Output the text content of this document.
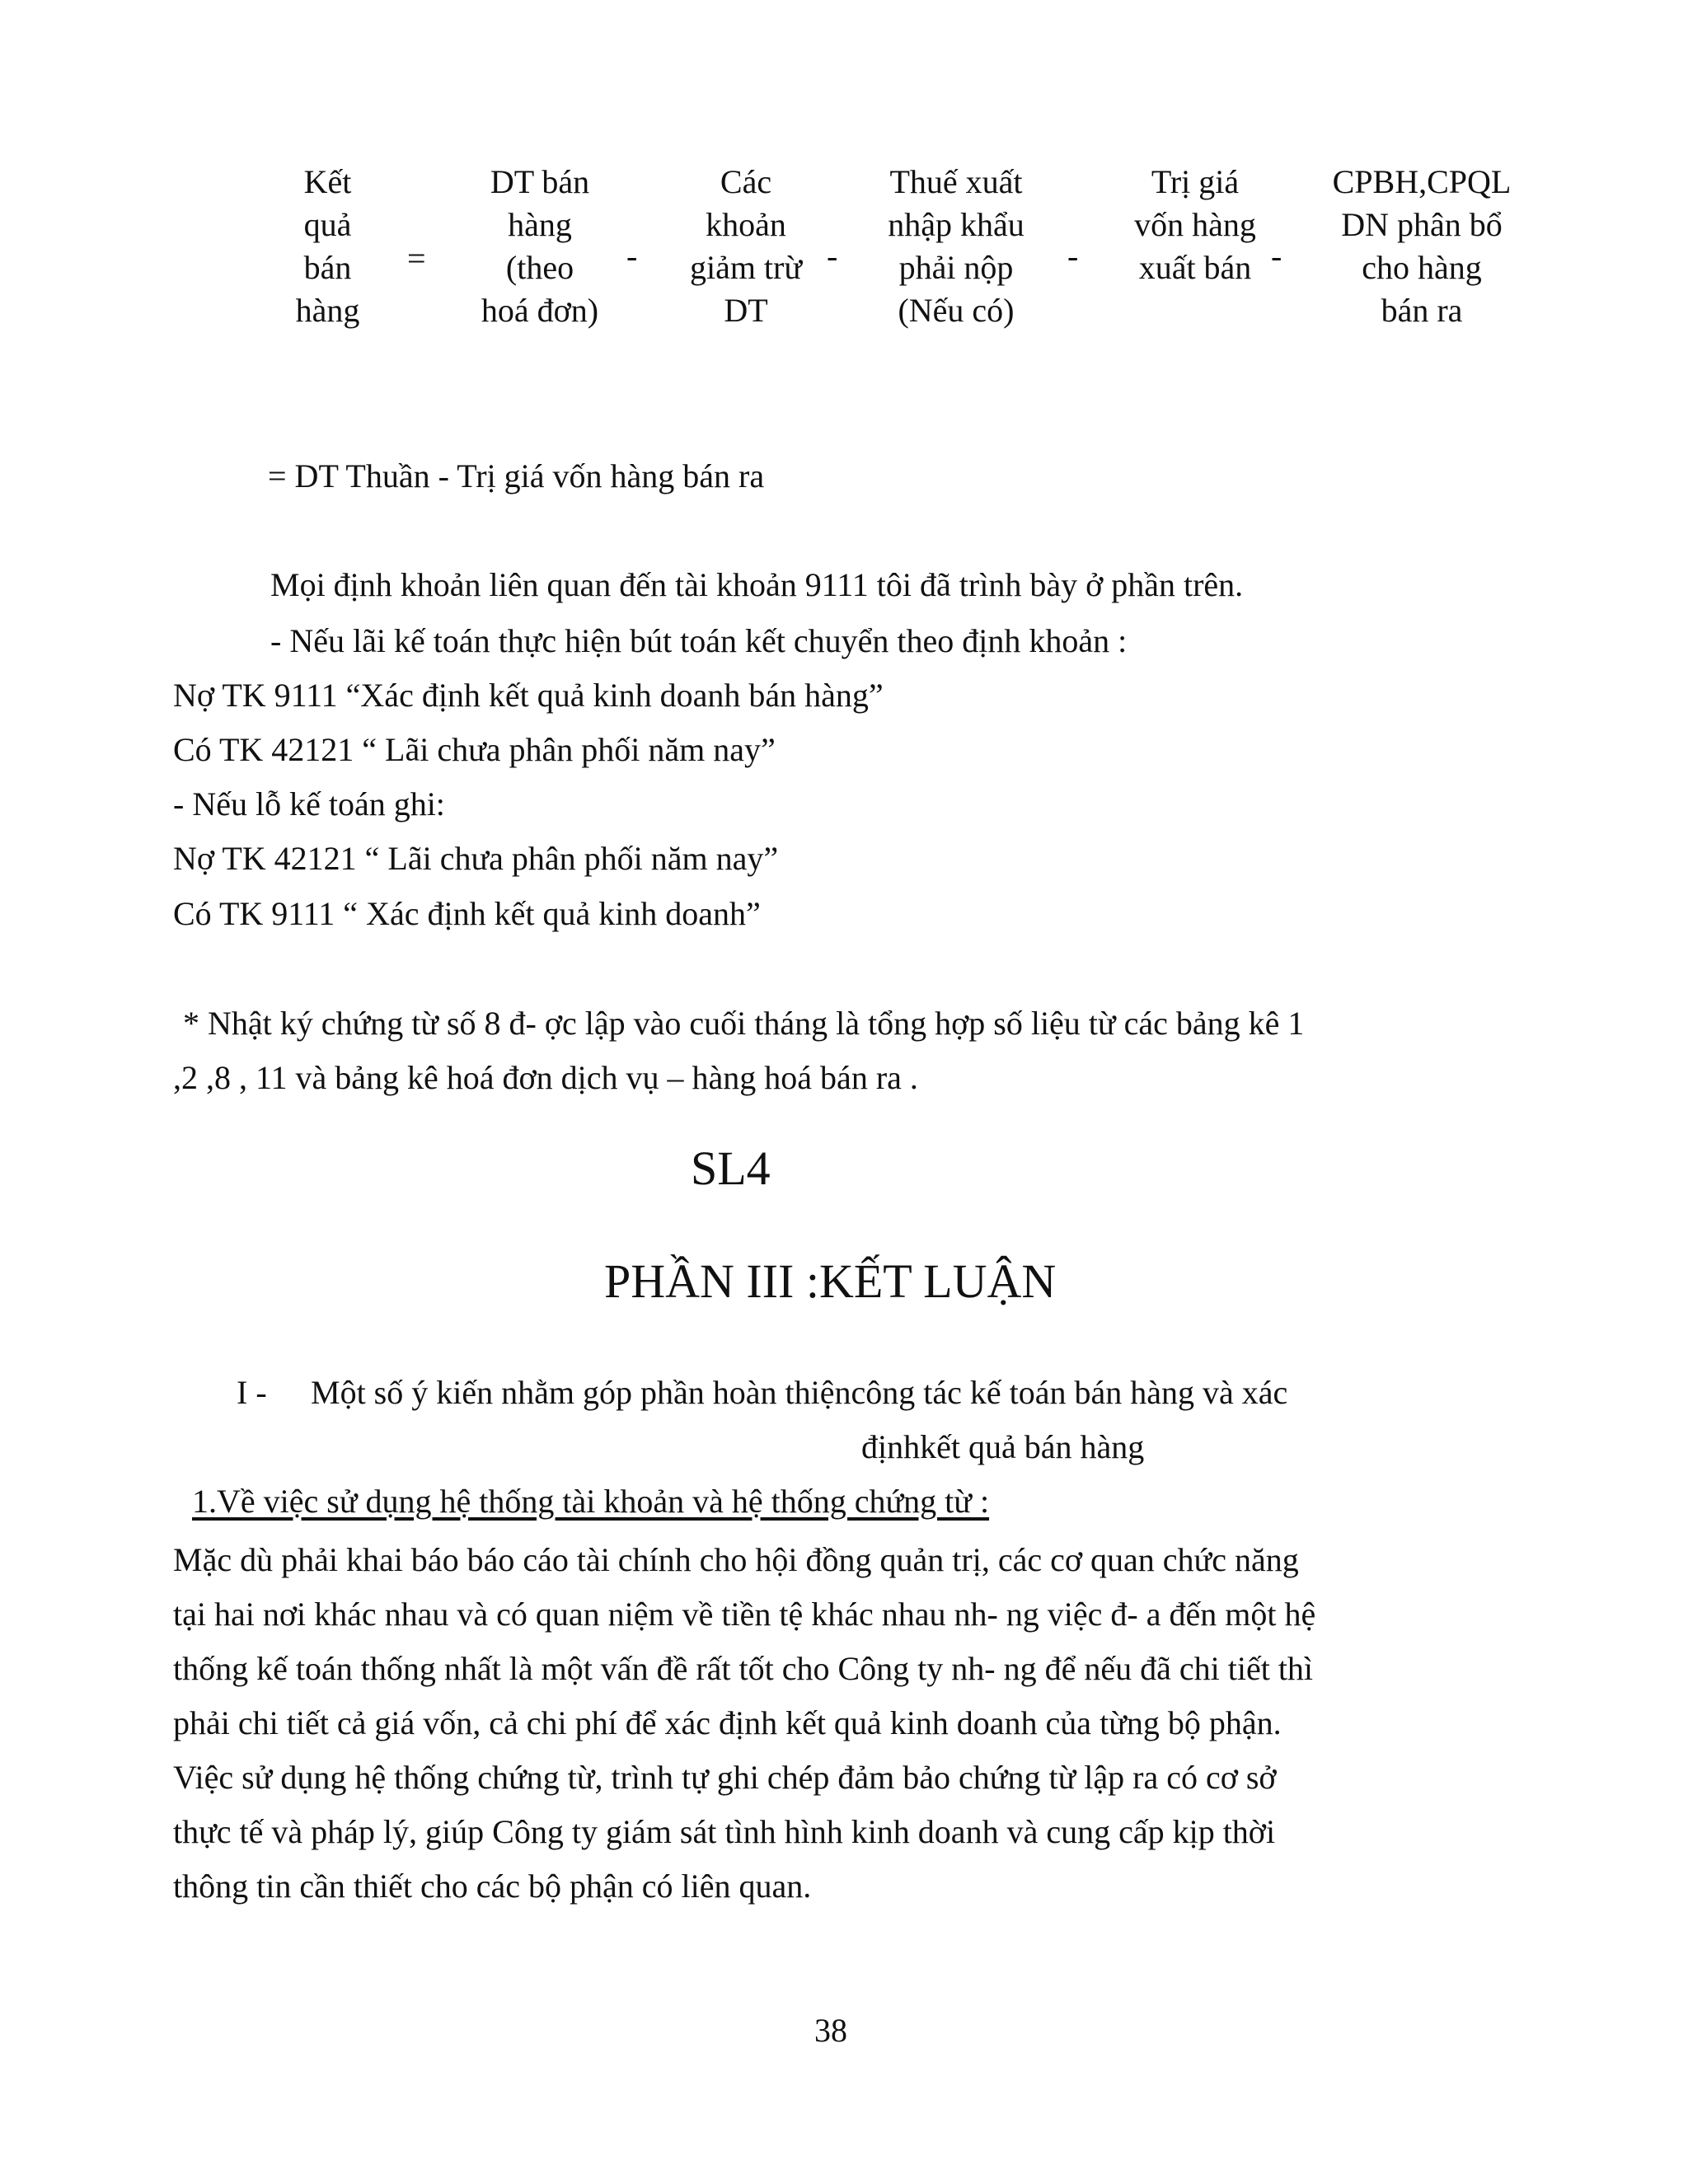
Kết
quả
bán
hàng
=
DT bán
hàng
(theo
hoá đơn)
-
Các
khoản
giảm trừ
DT
-
Thuế xuất
nhập khẩu
phải nộp
(Nếu có)
-
Trị giá
vốn hàng
xuất bán -
CPBH,CPQL
DN phân bổ
cho hàng
bán ra
= DT Thuần - Trị giá vốn hàng bán ra
Mọi định khoản liên quan đến tài khoản 9111 tôi đã trình bày ở phần trên.
- Nếu lãi kế toán thực hiện bút toán kết chuyển theo định khoản :
Nợ TK 9111 “Xác định kết quả kinh doanh bán hàng”
Có TK 42121 “ Lãi chưa phân phối năm nay”
- Nếu lỗ kế toán ghi:
Nợ TK 42121 “ Lãi chưa phân phối năm nay”
Có TK 9111 “ Xác định kết quả kinh doanh”
* Nhật ký chứng từ số 8 đ- ợc lập vào cuối tháng là tổng hợp số liệu từ các bảng kê 1
,2 ,8 , 11 và bảng kê hoá đơn dịch vụ – hàng hoá bán ra .
SL4
PHẦN III :KẾT LUẬN
I - Một số ý kiến nhằm góp phần hoàn thiệncông tác kế toán bán hàng và xác
địnhkết quả bán hàng
1.Về việc sử dụng hệ thống tài khoản và hệ thống chứng từ :
Mặc dù phải khai báo báo cáo tài chính cho hội đồng quản trị, các cơ quan chức năng
tại hai nơi khác nhau và có quan niệm về tiền tệ khác nhau nh- ng việc đ- a đến một hệ
thống kế toán thống nhất là một vấn đề rất tốt cho Công ty nh- ng để nếu đã chi tiết thì
phải chi tiết cả giá vốn, cả chi phí để xác định kết quả kinh doanh của từng bộ phận.
Việc sử dụng hệ thống chứng từ, trình tự ghi chép đảm bảo chứng từ lập ra có cơ sở
thực tế và pháp lý, giúp Công ty giám sát tình hình kinh doanh và cung cấp kịp thời
thông tin cần thiết cho các bộ phận có liên quan.
38
